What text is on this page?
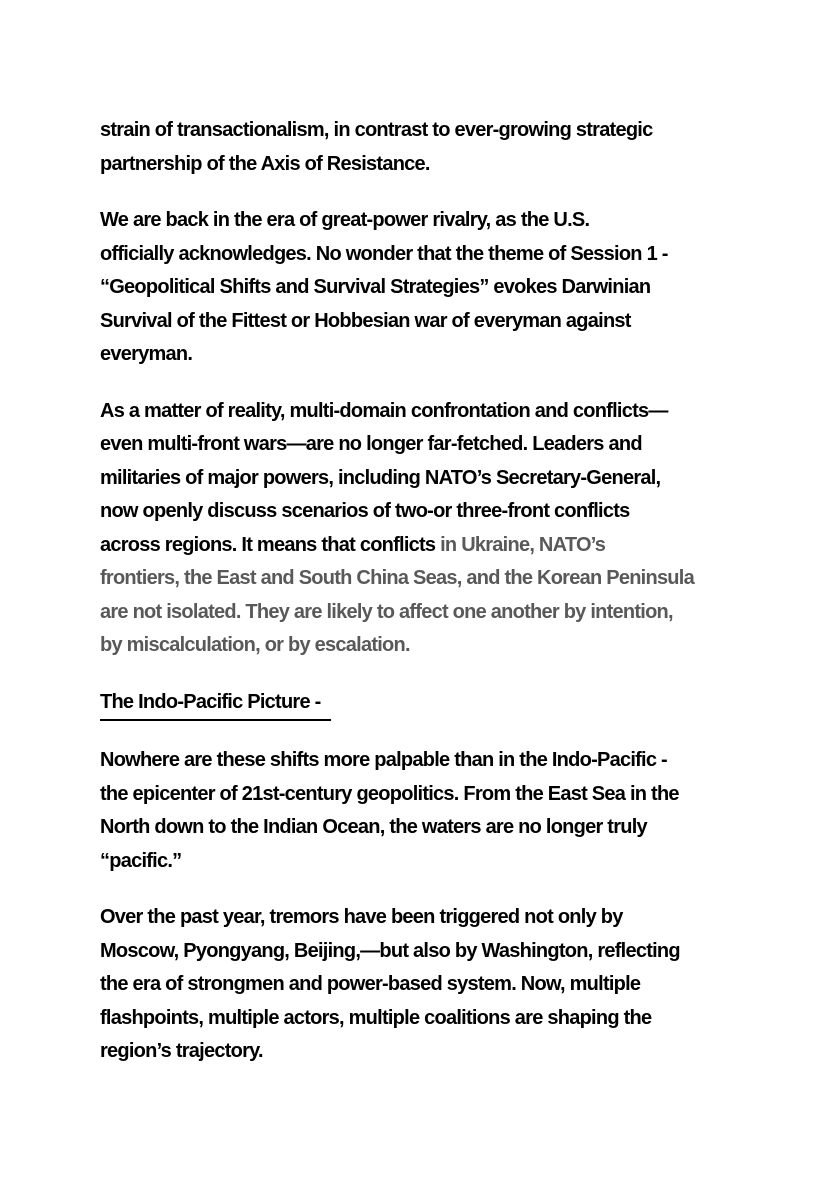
strain of transactionalism, in contrast to ever-growing strategic
partnership of the Axis of Resistance.
We are back in the era of great-power rivalry, as the U.S.
officially acknowledges. No wonder that the theme of Session 1 -
“Geopolitical Shifts and Survival Strategies” evokes Darwinian
Survival of the Fittest or Hobbesian war of everyman against
everyman.
As a matter of reality, multi-domain confrontation and conflicts—
even multi-front wars—are no longer far-fetched. Leaders and
militaries of major powers, including NATO’s Secretary-General,
now openly discuss scenarios of two-or three-front conflicts
across regions. It means that conflicts in Ukraine, NATO’s
frontiers, the East and South China Seas, and the Korean Peninsula
are not isolated. They are likely to affect one another by intention,
by miscalculation, or by escalation.
The Indo-Pacific Picture -
Nowhere are these shifts more palpable than in the Indo-Pacific -
the epicenter of 21st-century geopolitics. From the East Sea in the
North down to the Indian Ocean, the waters are no longer truly
“pacific.”
Over the past year, tremors have been triggered not only by
Moscow, Pyongyang, Beijing,—but also by Washington, reflecting
the era of strongmen and power-based system. Now, multiple
flashpoints, multiple actors, multiple coalitions are shaping the
region’s trajectory.
